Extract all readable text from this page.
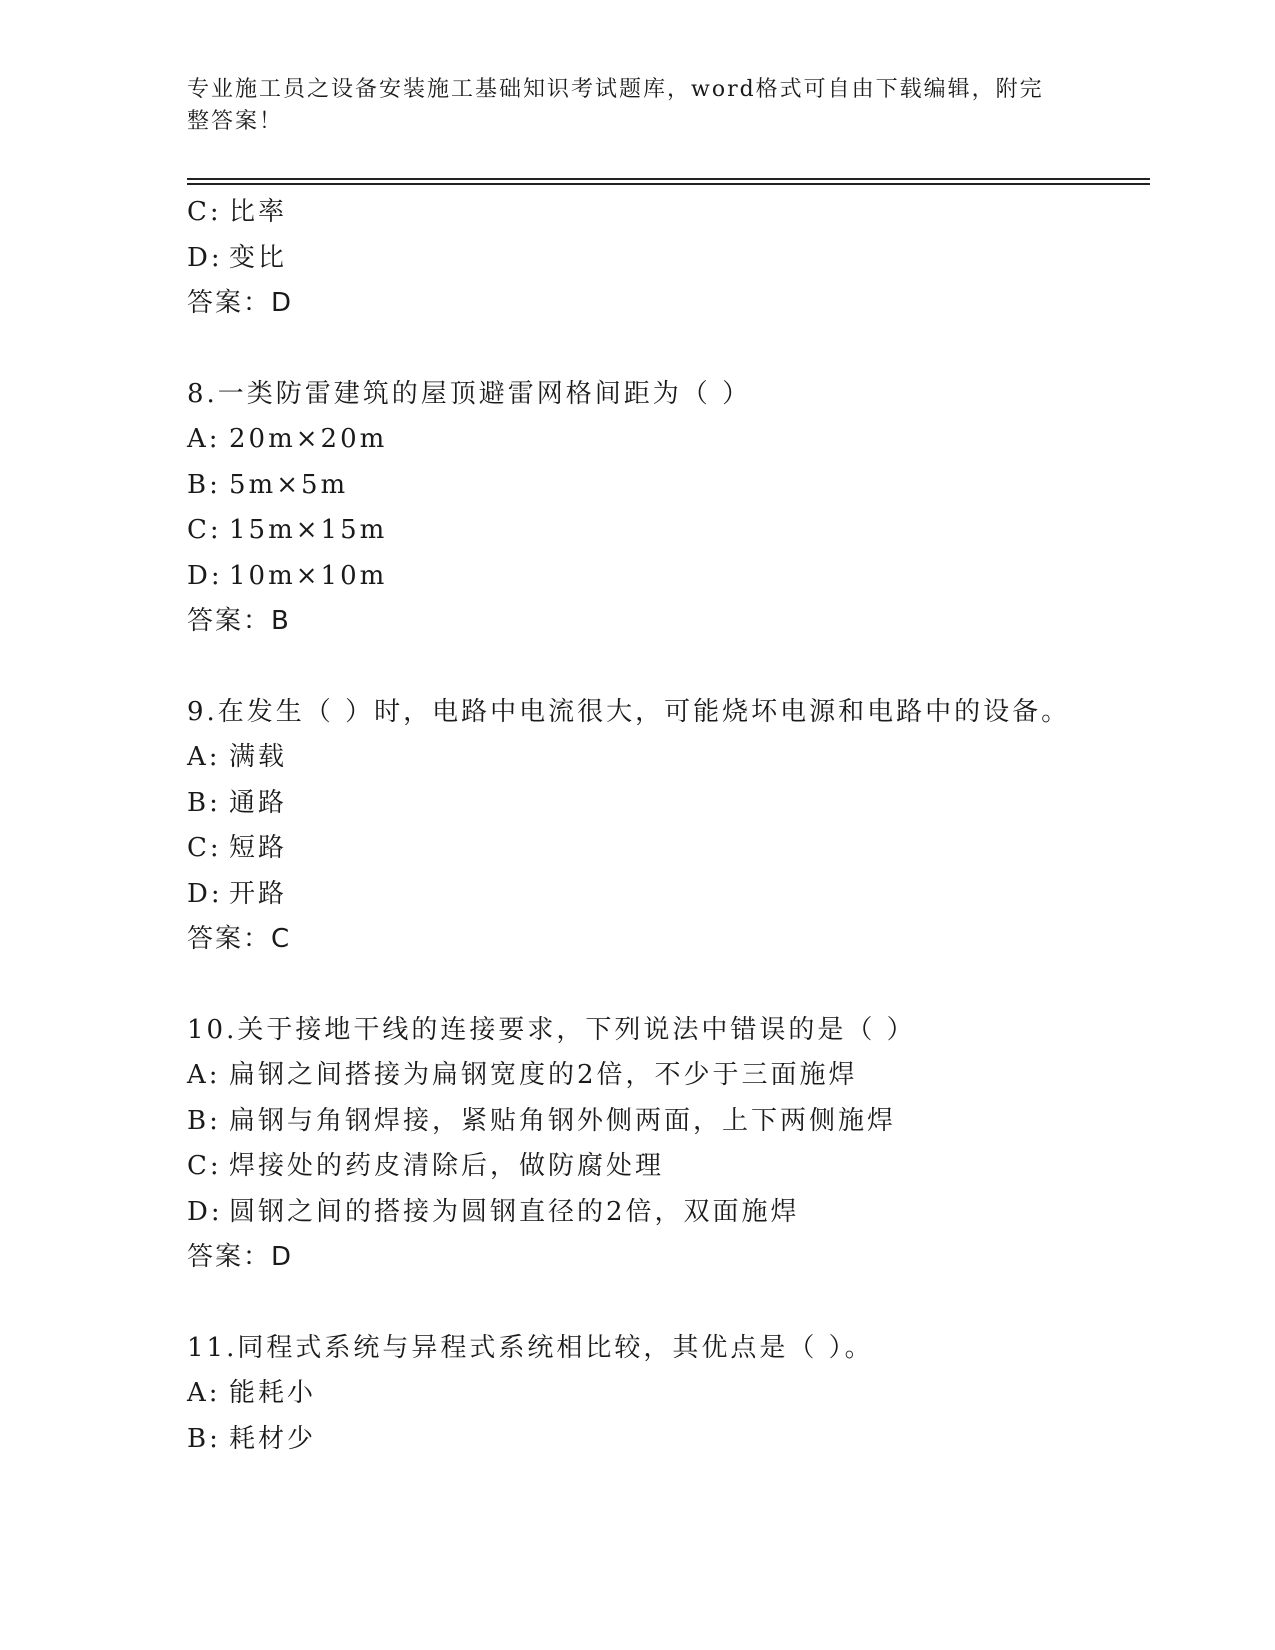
专业施工员之设备安装施工基础知识考试题库，word格式可自由下载编辑，附完整答案！
C: 比率
D: 变比
答案：D
8.一类防雷建筑的屋顶避雷网格间距为（ ）
A: 20m×20m
B: 5m×5m
C: 15m×15m
D: 10m×10m
答案：B
9.在发生（ ）时，电路中电流很大，可能烧坏电源和电路中的设备。
A: 满载
B: 通路
C: 短路
D: 开路
答案：C
10.关于接地干线的连接要求，下列说法中错误的是（ ）
A: 扁钢之间搭接为扁钢宽度的2倍，不少于三面施焊
B: 扁钢与角钢焊接，紧贴角钢外侧两面，上下两侧施焊
C: 焊接处的药皮清除后，做防腐处理
D: 圆钢之间的搭接为圆钢直径的2倍，双面施焊
答案：D
11.同程式系统与异程式系统相比较，其优点是（ ）。
A: 能耗小
B: 耗材少
